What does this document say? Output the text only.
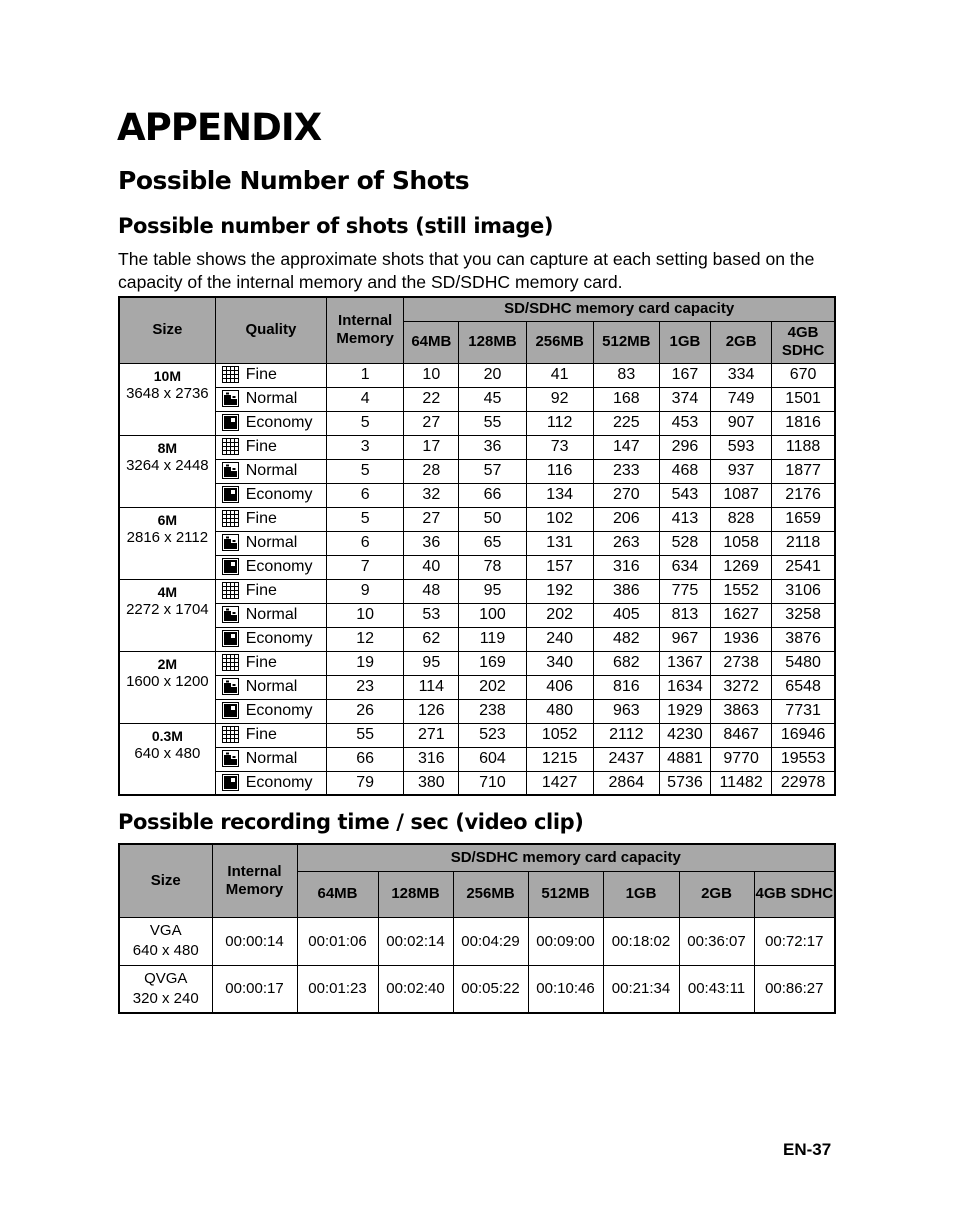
APPENDIX
Possible Number of Shots
Possible number of shots (still image)

The table shows the approximate shots that you can capture at each setting based on the capacity of the internal memory and the SD/SDHC memory card.

Size	Quality	Internal Memory	SD/SDHC memory card capacity						
			64MB	128MB	256MB	512MB	1GB	2GB	4GB SDHC

10M
3648 x 2736	Fine	1	10	20	41	83	167	334	670

Normal	4	22	45	92	168	374	749	1501

Economy	5	27	55	112	225	453	907	1816

8M
3264 x 2448	Fine	3	17	36	73	147	296	593	1188

Normal	5	28	57	116	233	468	937	1877

Economy	6	32	66	134	270	543	1087	2176

6M
2816 x 2112	Fine	5	27	50	102	206	413	828	1659

Normal	6	36	65	131	263	528	1058	2118

Economy	7	40	78	157	316	634	1269	2541

4M
2272 x 1704	Fine	9	48	95	192	386	775	1552	3106

Normal	10	53	100	202	405	813	1627	3258

Economy	12	62	119	240	482	967	1936	3876

2M
1600 x 1200	Fine	19	95	169	340	682	1367	2738	5480

Normal	23	114	202	406	816	1634	3272	6548

Economy	26	126	238	480	963	1929	3863	7731

0.3M
640 x 480	Fine	55	271	523	1052	2112	4230	8467	16946

Normal	66	316	604	1215	2437	4881	9770	19553

Economy	79	380	710	1427	2864	5736	11482	22978
Possible recording time / sec (video clip)
Size	Internal Memory	SD/SDHC memory card capacity						
		64MB	128MB	256MB	512MB	1GB	2GB	4GB SDHC
VGA
640 x 480	00:00:14	00:01:06	00:02:14	00:04:29	00:09:00	00:18:02	00:36:07	00:72:17
QVGA
320 x 240	00:00:17	00:01:23	00:02:40	00:05:22	00:10:46	00:21:34	00:43:11	00:86:27

EN-37
